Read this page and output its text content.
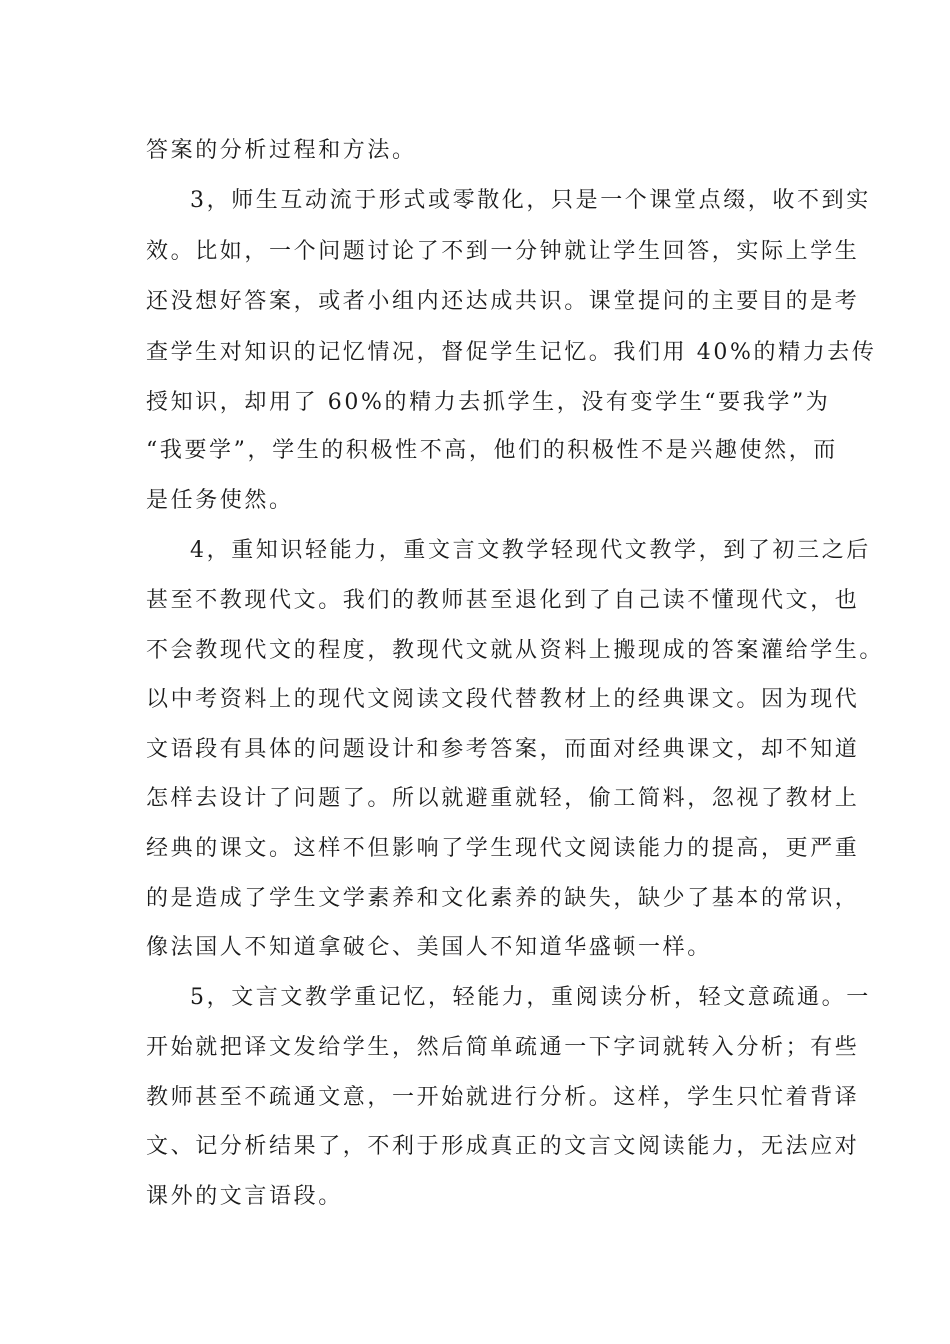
答案的分析过程和方法。
3，师生互动流于形式或零散化，只是一个课堂点缀，收不到实
效。比如，一个问题讨论了不到一分钟就让学生回答，实际上学生
还没想好答案，或者小组内还达成共识。课堂提问的主要目的是考
查学生对知识的记忆情况，督促学生记忆。我们用 40%的精力去传
授知识，却用了 60%的精力去抓学生，没有变学生“要我学”为
“我要学”，学生的积极性不高，他们的积极性不是兴趣使然，而
是任务使然。
4，重知识轻能力，重文言文教学轻现代文教学，到了初三之后
甚至不教现代文。我们的教师甚至退化到了自己读不懂现代文，也
不会教现代文的程度，教现代文就从资料上搬现成的答案灌给学生。
以中考资料上的现代文阅读文段代替教材上的经典课文。因为现代
文语段有具体的问题设计和参考答案，而面对经典课文，却不知道
怎样去设计了问题了。所以就避重就轻，偷工简料，忽视了教材上
经典的课文。这样不但影响了学生现代文阅读能力的提高，更严重
的是造成了学生文学素养和文化素养的缺失，缺少了基本的常识，
像法国人不知道拿破仑、美国人不知道华盛顿一样。
5，文言文教学重记忆，轻能力，重阅读分析，轻文意疏通。一
开始就把译文发给学生，然后简单疏通一下字词就转入分析；有些
教师甚至不疏通文意，一开始就进行分析。这样，学生只忙着背译
文、记分析结果了，不利于形成真正的文言文阅读能力，无法应对
课外的文言语段。
